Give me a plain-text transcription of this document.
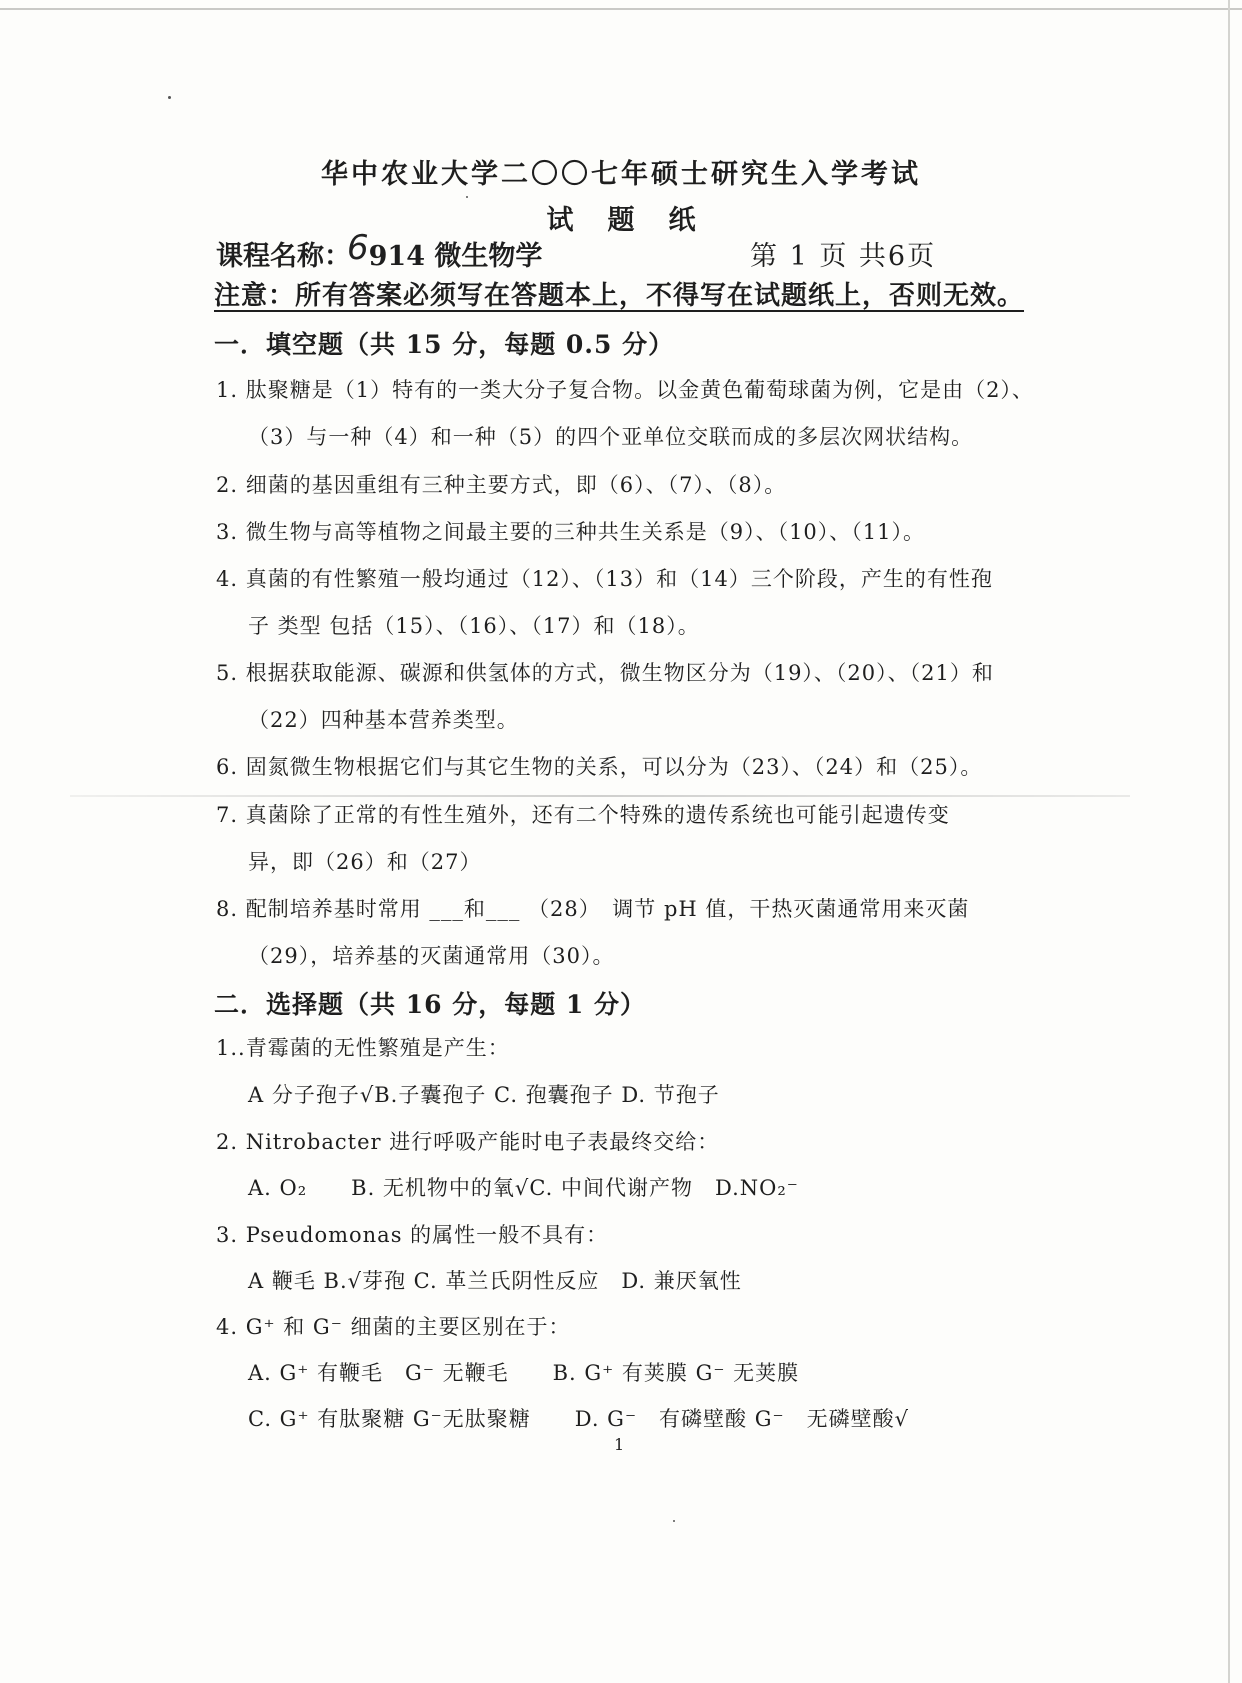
华中农业大学二〇〇七年硕士研究生入学考试
试题纸
课程名称：6914 微生物学	第 1 页 共6页
注意：所有答案必须写在答题本上，不得写在试题纸上，否则无效。
一．填空题（共 15 分，每题 0.5 分）
1. 肽聚糖是（1）特有的一类大分子复合物。以金黄色葡萄球菌为例，它是由（2）、
（3）与一种（4）和一种（5）的四个亚单位交联而成的多层次网状结构。
2. 细菌的基因重组有三种主要方式，即（6）、（7）、（8）。
3. 微生物与高等植物之间最主要的三种共生关系是（9）、（10）、（11）。
4. 真菌的有性繁殖一般均通过（12）、（13）和（14）三个阶段，产生的有性孢
子 类型 包括（15）、（16）、（17）和（18）。
5. 根据获取能源、碳源和供氢体的方式，微生物区分为（19）、（20）、（21）和
（22）四种基本营养类型。
6. 固氮微生物根据它们与其它生物的关系，可以分为（23）、（24）和（25）。
7. 真菌除了正常的有性生殖外，还有二个特殊的遗传系统也可能引起遗传变
异，即（26）和（27）
8. 配制培养基时常用 ___和___ （28）　调节 pH 值，干热灭菌通常用来灭菌
（29），培养基的灭菌通常用（30）。
二．选择题（共 16 分，每题 1 分）
1..青霉菌的无性繁殖是产生：
A 分子孢子√B.子囊孢子 C. 孢囊孢子 D. 节孢子
2. Nitrobacter 进行呼吸产能时电子表最终交给：
A. O₂　　B. 无机物中的氧√C. 中间代谢产物　D.NO₂⁻
3. Pseudomonas 的属性一般不具有：
A 鞭毛 B.√芽孢 C. 革兰氏阴性反应　D. 兼厌氧性
4. G⁺ 和 G⁻ 细菌的主要区别在于：
A. G⁺ 有鞭毛　G⁻ 无鞭毛　　B. G⁺ 有荚膜 G⁻ 无荚膜
C. G⁺ 有肽聚糖 G⁻无肽聚糖　　D. G⁻　有磷壁酸 G⁻　无磷壁酸√
1
